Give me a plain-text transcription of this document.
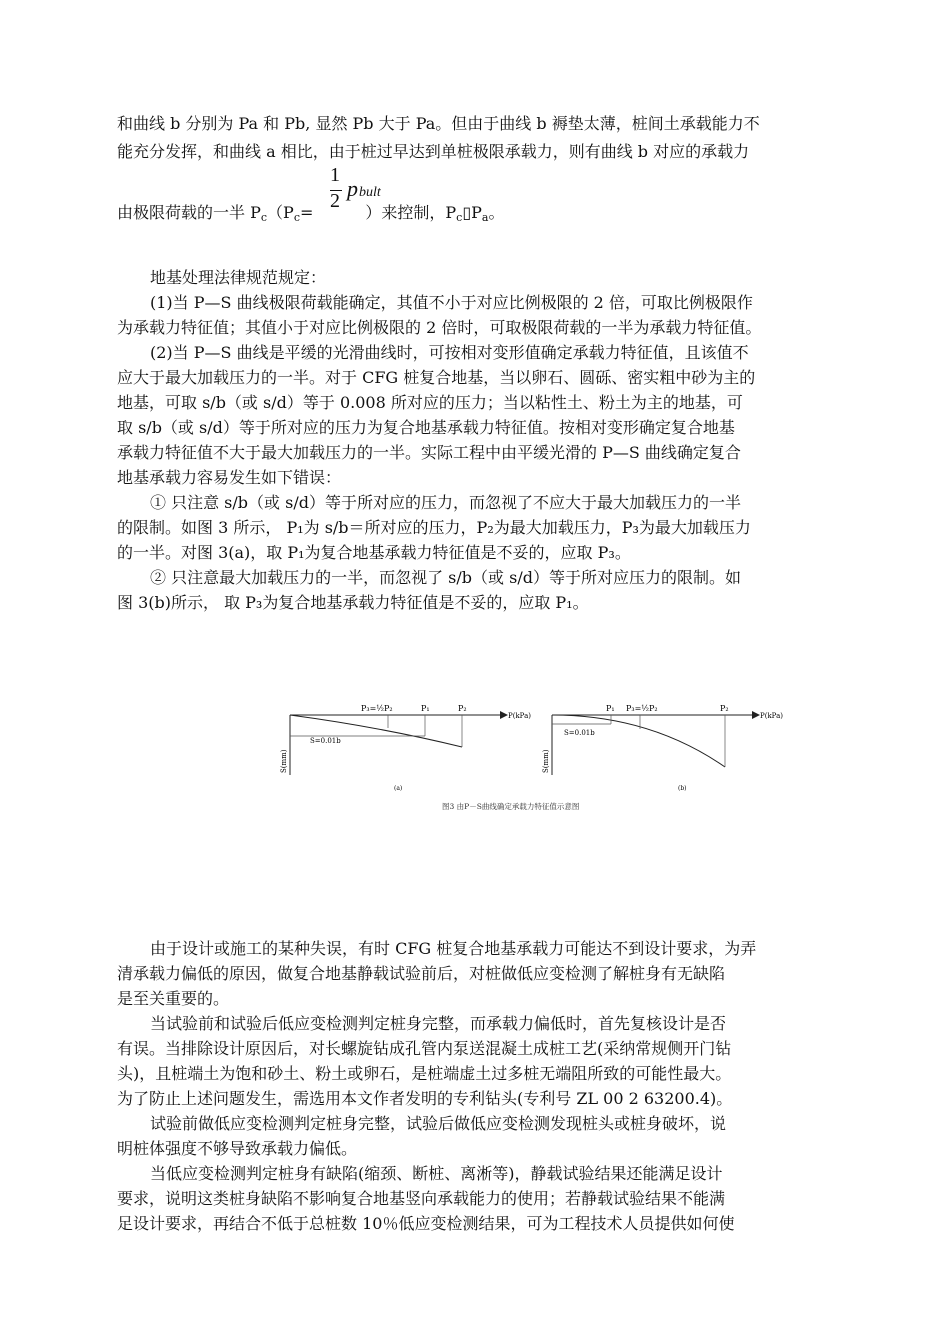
和曲线 b 分别为 Pa 和 Pb, 显然 Pb 大于 Pa。但由于曲线 b 褥垫太薄，桩间土承载能力不
能充分发挥，和曲线 a 相比，由于桩过早达到单桩极限承载力，则有曲线 b 对应的承载力
由极限荷载的一半 $P_c(P_c=$	）来控制，$P_c▯P_a$。
1
2 p bult
地基处理法律规范规定：
(1)当 P—S 曲线极限荷载能确定，其值不小于对应比例极限的 2 倍，可取比例极限作
为承载力特征值；其值小于对应比例极限的 2 倍时，可取极限荷载的一半为承载力特征值。
(2)当 P—S 曲线是平缓的光滑曲线时，可按相对变形值确定承载力特征值，且该值不
应大于最大加载压力的一半。对于 CFG 桩复合地基，当以卵石、圆砾、密实粗中砂为主的
地基，可取 s/b（或 s/d）等于 0.008 所对应的压力；当以粘性土、粉土为主的地基，可
取 s/b（或 s/d）等于所对应的压力为复合地基承载力特征值。按相对变形确定复合地基
承载力特征值不大于最大加载压力的一半。实际工程中由平缓光滑的 P—S 曲线确定复合
地基承载力容易发生如下错误：
① 只注意 s/b（或 s/d）等于所对应的压力，而忽视了不应大于最大加载压力的一半
的限制。如图 3 所示， P₁为 s/b＝所对应的压力，P₂为最大加载压力，P₃为最大加载压力
的一半。对图 3(a)，取 P₁为复合地基承载力特征值是不妥的，应取 P₃。
② 只注意最大加载压力的一半，而忽视了 s/b（或 s/d）等于所对应压力的限制。如
图 3(b)所示， 取 P₃为复合地基承载力特征值是不妥的，应取 P₁。
P₃=½P₂	P₁	P₂
P(kPa)
S=0.01b
S(mm)
(a)
P₁ P₃=½P₂	P₂
P(kPa)
S=0.01b
S(mm)
(b)
图3 由P－S曲线确定承载力特征值示意图
由于设计或施工的某种失误，有时 CFG 桩复合地基承载力可能达不到设计要求，为弄
清承载力偏低的原因，做复合地基静载试验前后，对桩做低应变检测了解桩身有无缺陷
是至关重要的。
当试验前和试验后低应变检测判定桩身完整，而承载力偏低时，首先复核设计是否
有误。当排除设计原因后，对长螺旋钻成孔管内泵送混凝土成桩工艺(采纳常规侧开门钻
头)，且桩端土为饱和砂土、粉土或卵石，是桩端虚土过多桩无端阻所致的可能性最大。
为了防止上述问题发生，需选用本文作者发明的专利钻头(专利号 ZL 00 2 63200.4)。
试验前做低应变检测判定桩身完整，试验后做低应变检测发现桩头或桩身破坏，说
明桩体强度不够导致承载力偏低。
当低应变检测判定桩身有缺陷(缩颈、断桩、离淅等)，静载试验结果还能满足设计
要求，说明这类桩身缺陷不影响复合地基竖向承载能力的使用；若静载试验结果不能满
足设计要求，再结合不低于总桩数 10％低应变检测结果，可为工程技术人员提供如何使
